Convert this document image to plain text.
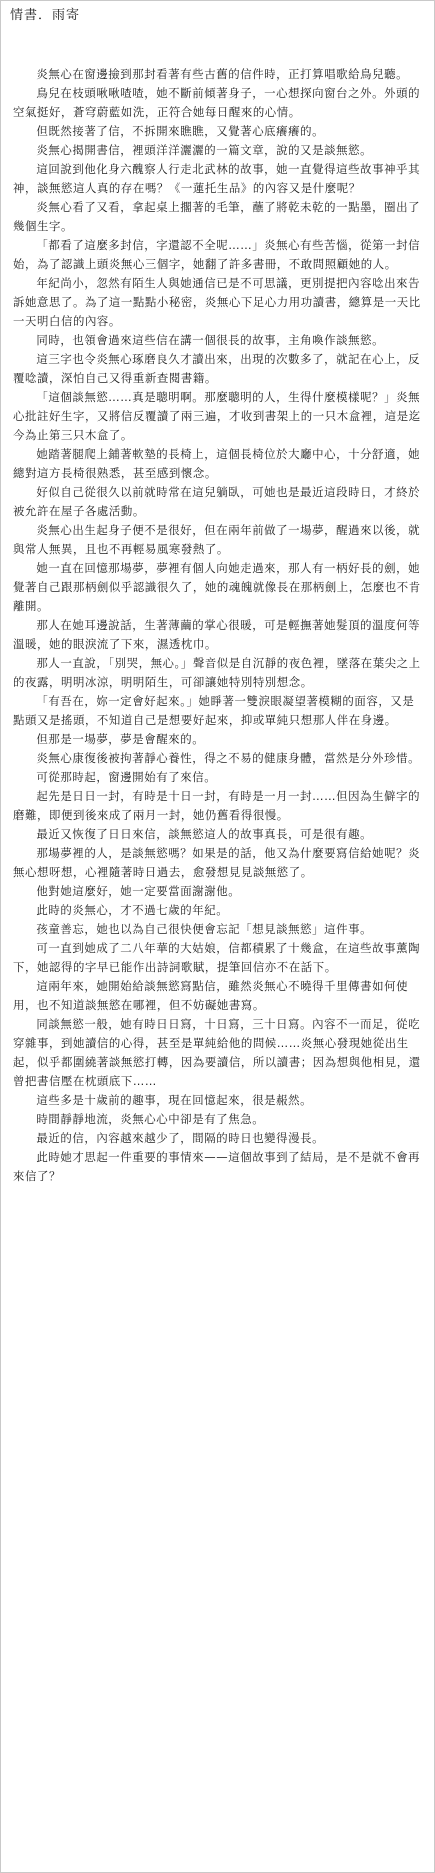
情書．雨寄

炎無心在窗邊撿到那封看著有些古舊的信件時，正打算唱歌給鳥兒聽。

鳥兒在枝頭啾啾喳喳，她不斷前傾著身子，一心想探向窗台之外。外頭的空氣挺好，蒼穹蔚藍如洗，正符合她每日醒來的心情。

但既然接著了信，不拆開來瞧瞧，又覺著心底癢癢的。

炎無心揭開書信，裡頭洋洋灑灑的一篇文章，說的又是談無慾。

這回說到他化身六醜察人行走北武林的故事，她一直覺得這些故事神乎其神，談無慾這人真的存在嗎？《一蓮托生品》的內容又是什麼呢？

炎無心看了又看，拿起桌上擱著的毛筆，蘸了將乾未乾的一點墨，圈出了幾個生字。

「都看了這麼多封信，字還認不全呢……」炎無心有些苦惱，從第一封信始，為了認識上頭炎無心三個字，她翻了許多書冊，不敢問照顧她的人。

年紀尚小，忽然有陌生人與她通信已是不可思議，更別提把內容唸出來告訴她意思了。為了這一點點小秘密，炎無心下足心力用功讀書，總算是一天比一天明白信的內容。

同時，也領會過來這些信在講一個很長的故事，主角喚作談無慾。

這三字也令炎無心琢磨良久才讀出來，出現的次數多了，就記在心上，反覆唸讀，深怕自己又得重新查閱書籍。

「這個談無慾……真是聰明啊。那麼聰明的人，生得什麼模樣呢？」炎無心批註好生字，又將信反覆讀了兩三遍，才收到書架上的一只木盒裡，這是迄今為止第三只木盒了。

她踏著腿爬上鋪著軟墊的長椅上，這個長椅位於大廳中心，十分舒適，她總對這方長椅很熟悉，甚至感到懷念。

好似自己從很久以前就時常在這兒躺臥，可她也是最近這段時日，才終於被允許在屋子各處活動。

炎無心出生起身子便不是很好，但在兩年前做了一場夢，醒過來以後，就與常人無異，且也不再輕易風寒發熱了。

她一直在回憶那場夢，夢裡有個人向她走過來，那人有一柄好長的劍，她覺著自己跟那柄劍似乎認識很久了，她的魂魄就像長在那柄劍上，怎麼也不肯離開。

那人在她耳邊說話，生著薄繭的掌心很暖，可是輕撫著她髮頂的溫度何等溫暖，她的眼淚流了下來，濕透枕巾。

那人一直說，「別哭，無心。」聲音似是自沉靜的夜色裡，墜落在葉尖之上的夜露，明明冰涼，明明陌生，可卻讓她特別特別想念。

「有吾在，妳一定會好起來。」她睜著一雙淚眼凝望著模糊的面容，又是點頭又是搖頭，不知道自己是想要好起來，抑或單純只想那人伴在身邊。

但那是一場夢，夢是會醒來的。

炎無心康復後被拘著靜心養性，得之不易的健康身體，當然是分外珍惜。

可從那時起，窗邊開始有了來信。

起先是日日一封，有時是十日一封，有時是一月一封……但因為生僻字的磨難，即便到後來成了兩月一封，她仍舊看得很慢。

最近又恢復了日日來信，談無慾這人的故事真長，可是很有趣。

那場夢裡的人，是談無慾嗎？如果是的話，他又為什麼要寫信給她呢？炎無心想呀想，心裡隨著時日過去，愈發想見見談無慾了。

他對她這麼好，她一定要當面謝謝他。

此時的炎無心，才不過七歲的年紀。

孩童善忘，她也以為自己很快便會忘記「想見談無慾」這件事。

可一直到她成了二八年華的大姑娘，信都積累了十幾盒，在這些故事薰陶下，她認得的字早已能作出詩詞歌賦，提筆回信亦不在話下。

這兩年來，她開始給談無慾寫點信，雖然炎無心不曉得千里傳書如何使用，也不知道談無慾在哪裡，但不妨礙她書寫。

同談無慾一般，她有時日日寫，十日寫，三十日寫。內容不一而足，從吃穿雜事，到她讀信的心得，甚至是單純給他的問候……炎無心發現她從出生起，似乎都圍繞著談無慾打轉，因為要讀信，所以讀書；因為想與他相見，還曾把書信壓在枕頭底下……

這些多是十歲前的趣事，現在回憶起來，很是赧然。

時間靜靜地流，炎無心心中卻是有了焦急。

最近的信，內容越來越少了，間隔的時日也變得漫長。

此時她才思起一件重要的事情來——這個故事到了結局，是不是就不會再來信了？
